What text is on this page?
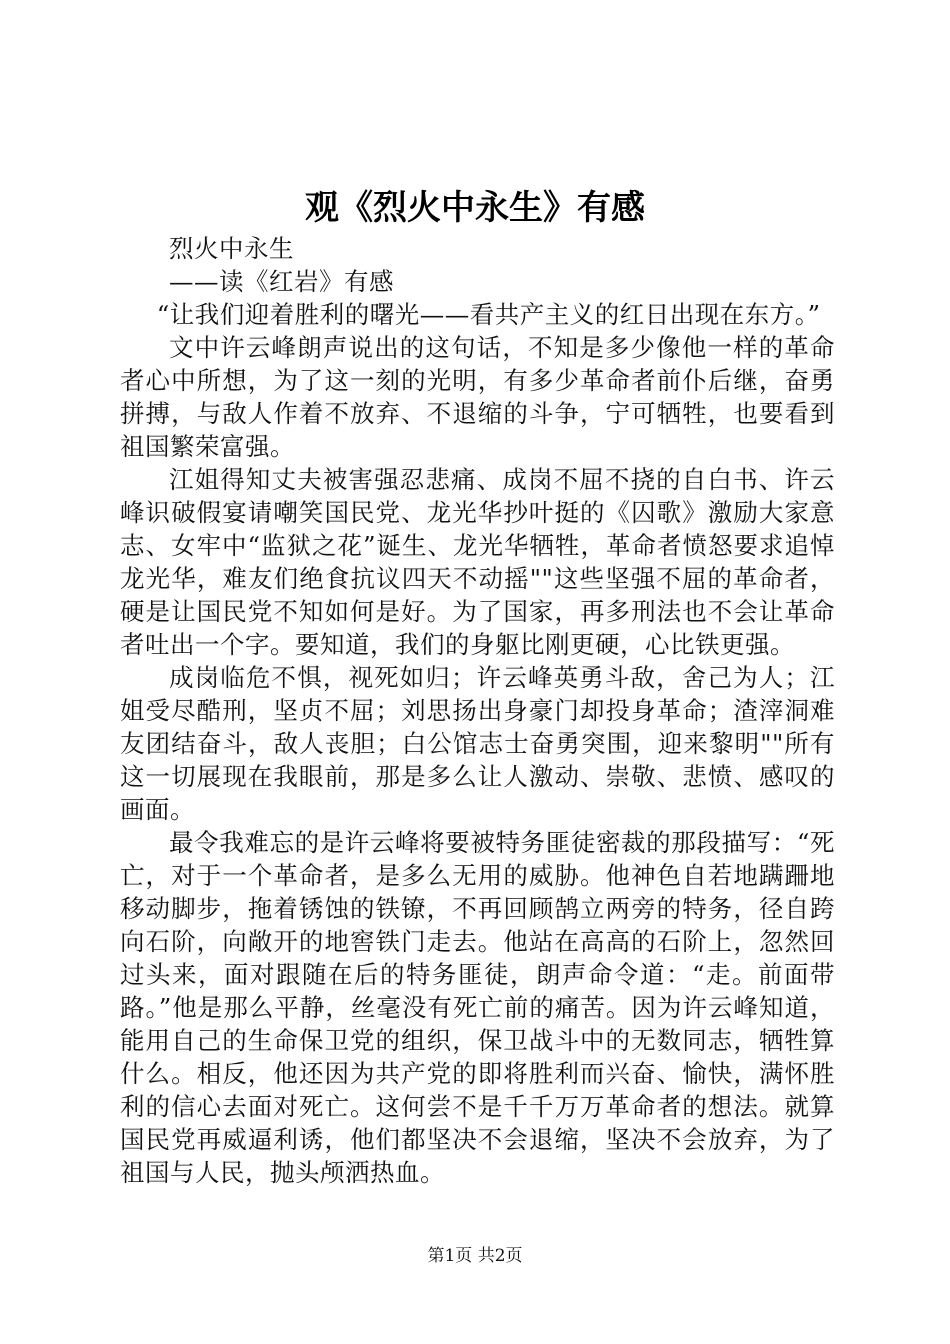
观《烈火中永生》有感

烈火中永生

——读《红岩》有感

“让我们迎着胜利的曙光——看共产主义的红日出现在东方。”

文中许云峰朗声说出的这句话，不知是多少像他一样的革命者心中所想，为了这一刻的光明，有多少革命者前仆后继，奋勇拼搏，与敌人作着不放弃、不退缩的斗争，宁可牺牲，也要看到祖国繁荣富强。

江姐得知丈夫被害强忍悲痛、成岗不屈不挠的自白书、许云峰识破假宴请嘲笑国民党、龙光华抄叶挺的《囚歌》激励大家意志、女牢中“监狱之花”诞生、龙光华牺牲，革命者愤怒要求追悼龙光华，难友们绝食抗议四天不动摇""这些坚强不屈的革命者，硬是让国民党不知如何是好。为了国家，再多刑法也不会让革命者吐出一个字。要知道，我们的身躯比刚更硬，心比铁更强。

成岗临危不惧，视死如归；许云峰英勇斗敌，舍己为人；江姐受尽酷刑，坚贞不屈；刘思扬出身豪门却投身革命；渣滓洞难友团结奋斗，敌人丧胆；白公馆志士奋勇突围，迎来黎明""所有这一切展现在我眼前，那是多么让人激动、崇敬、悲愤、感叹的画面。

最令我难忘的是许云峰将要被特务匪徒密裁的那段描写：“死亡，对于一个革命者，是多么无用的威胁。他神色自若地蹒跚地移动脚步，拖着锈蚀的铁镣，不再回顾鹄立两旁的特务，径自跨向石阶，向敞开的地窖铁门走去。他站在高高的石阶上，忽然回过头来，面对跟随在后的特务匪徒，朗声命令道：“走。前面带路。”他是那么平静，丝毫没有死亡前的痛苦。因为许云峰知道，能用自己的生命保卫党的组织，保卫战斗中的无数同志，牺牲算什么。相反，他还因为共产党的即将胜利而兴奋、愉快，满怀胜利的信心去面对死亡。这何尝不是千千万万革命者的想法。就算国民党再威逼利诱，他们都坚决不会退缩，坚决不会放弃，为了祖国与人民，抛头颅洒热血。

第1页 共2页
